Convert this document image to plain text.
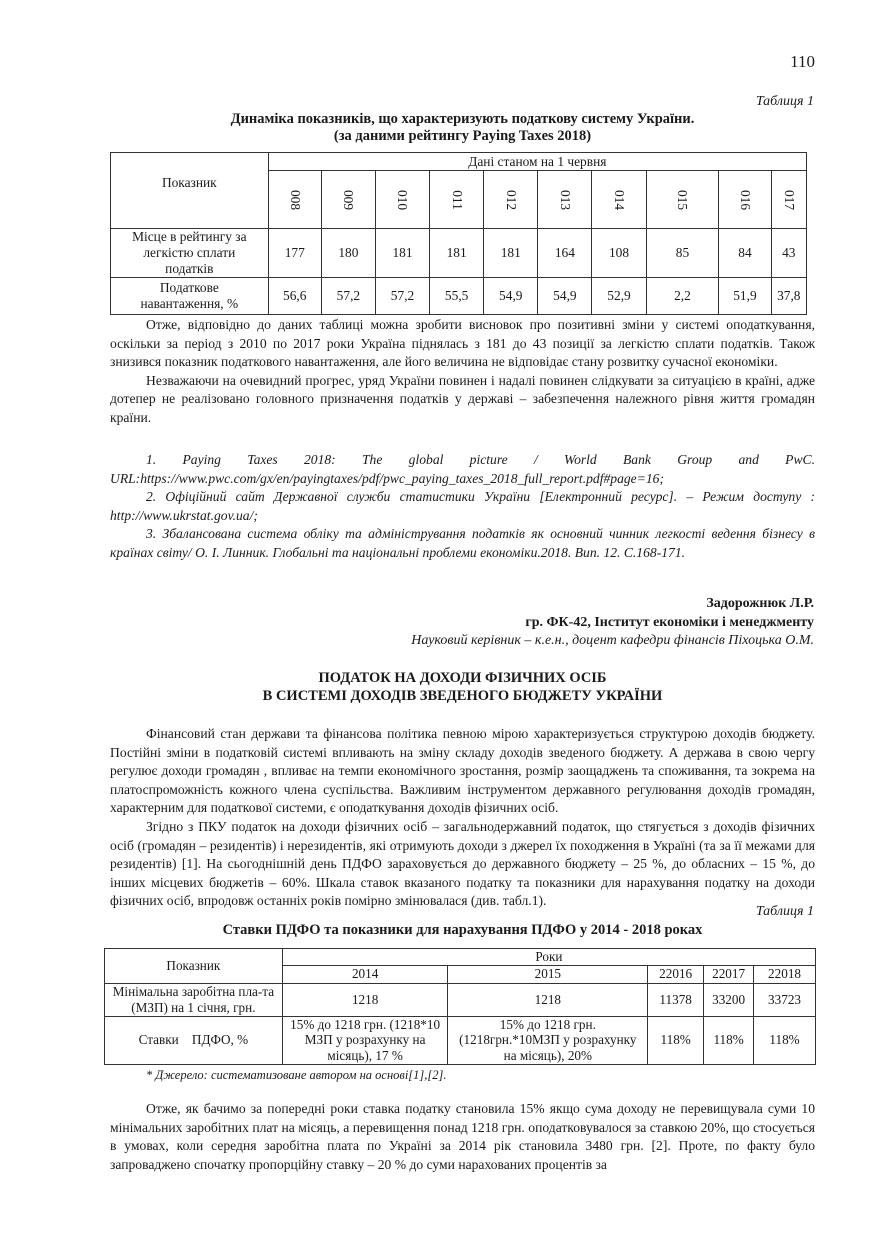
110
Таблиця 1
Динаміка показників, що характеризують податкову систему України.
(за даними рейтингу Paying Taxes 2018)
Показник	Дані станом на 1 червня									
	008	009	010	011	012	013	014	015	016	017
Місце в рейтингу за легкістю сплати податків	177	180	181	181	181	164	108	85	84	43
Податкове навантаження, %	56,6	57,2	57,2	55,5	54,9	54,9	52,9	2,2	51,9	37,8

Отже, відповідно до даних таблиці можна зробити висновок про позитивні зміни у системі оподаткування, оскільки за період з 2010 по 2017 роки Україна піднялась з 181 до 43 позиції за легкістю сплати податків. Також знизився показник податкового навантаження, але його величина не відповідає стану розвитку сучасної економіки.

Незважаючи на очевидний прогрес, уряд України повинен і надалі повинен слідкувати за ситуацією в країні, адже дотепер не реалізовано головного призначення податків у державі – забезпечення належного рівня життя громадян країни.

1. Paying Taxes 2018: The global picture / World Bank Group and PwC. URL:https://www.pwc.com/gx/en/payingtaxes/pdf/pwc_paying_taxes_2018_full_report.pdf#page=16;

2. Офіційний сайт Державної служби статистики України [Електронний ресурс]. – Режим доступу : http://www.ukrstat.gov.ua/;

3. Збалансована система обліку та адміністрування податків як основний чинник легкості ведення бізнесу в країнах світу/ О. І. Линник. Глобальні та національні проблеми економіки.2018. Вип. 12. С.168-171.

Задорожнюк Л.Р.
гр. ФК-42, Інститут економіки і менеджменту
Науковий керівник – к.е.н., доцент кафедри фінансів Піхоцька О.М.
ПОДАТОК НА ДОХОДИ ФІЗИЧНИХ ОСІБ
В СИСТЕМІ ДОХОДІВ ЗВЕДЕНОГО БЮДЖЕТУ УКРАЇНИ

Фінансовий стан держави та фінансова політика певною мірою характеризується структурою доходів бюджету. Постійні зміни в податковій системі впливають на зміну складу доходів зведеного бюджету. А держава в свою чергу регулює доходи громадян , впливає на темпи економічного зростання, розмір заощаджень та споживання, та зокрема на платоспроможність кожного члена суспільства. Важливим інструментом державного регулювання доходів громадян, характерним для податкової системи, є оподаткування доходів фізичних осіб.

Згідно з ПКУ податок на доходи фізичних осіб – загальнодержавний податок, що стягується з доходів фізичних осіб (громадян – резидентів) і нерезидентів, які отримують доходи з джерел їх походження в Україні (та за її межами для резидентів) [1]. На сьогоднішній день ПДФО зараховується до державного бюджету – 25 %, до обласних – 15 %, до інших місцевих бюджетів – 60%. Шкала ставок вказаного податку та показники для нарахування податку на доходи фізичних осіб, впродовж останніх років помірно змінювалася (див. табл.1).

Таблиця 1
Ставки ПДФО та показники для нарахування ПДФО у 2014 - 2018 роках
Показник	Роки				
	2014	2015	22016	22017	22018
Мінімальна заробітна пла-та (МЗП) на 1 січня, грн.	1218	1218	11378	33200	33723
Ставки    ПДФО, %	15% до 1218 грн. (1218*10 МЗП у розрахунку на місяць), 17 %	15% до 1218 грн. (1218грн.*10МЗП у розрахунку на місяць), 20%	118%	118%	118%
* Джерело: систематизоване автором на основі[1],[2].

Отже, як бачимо за попередні роки ставка податку становила 15% якщо сума доходу не перевищувала суми 10 мінімальних заробітних плат на місяць, а перевищення понад 1218 грн. оподатковувалося за ставкою 20%, що стосується в умовах, коли середня заробітна плата по Україні за 2014 рік становила 3480 грн. [2]. Проте, по факту було запроваджено спочатку пропорційну ставку – 20 % до суми нарахованих процентів за
